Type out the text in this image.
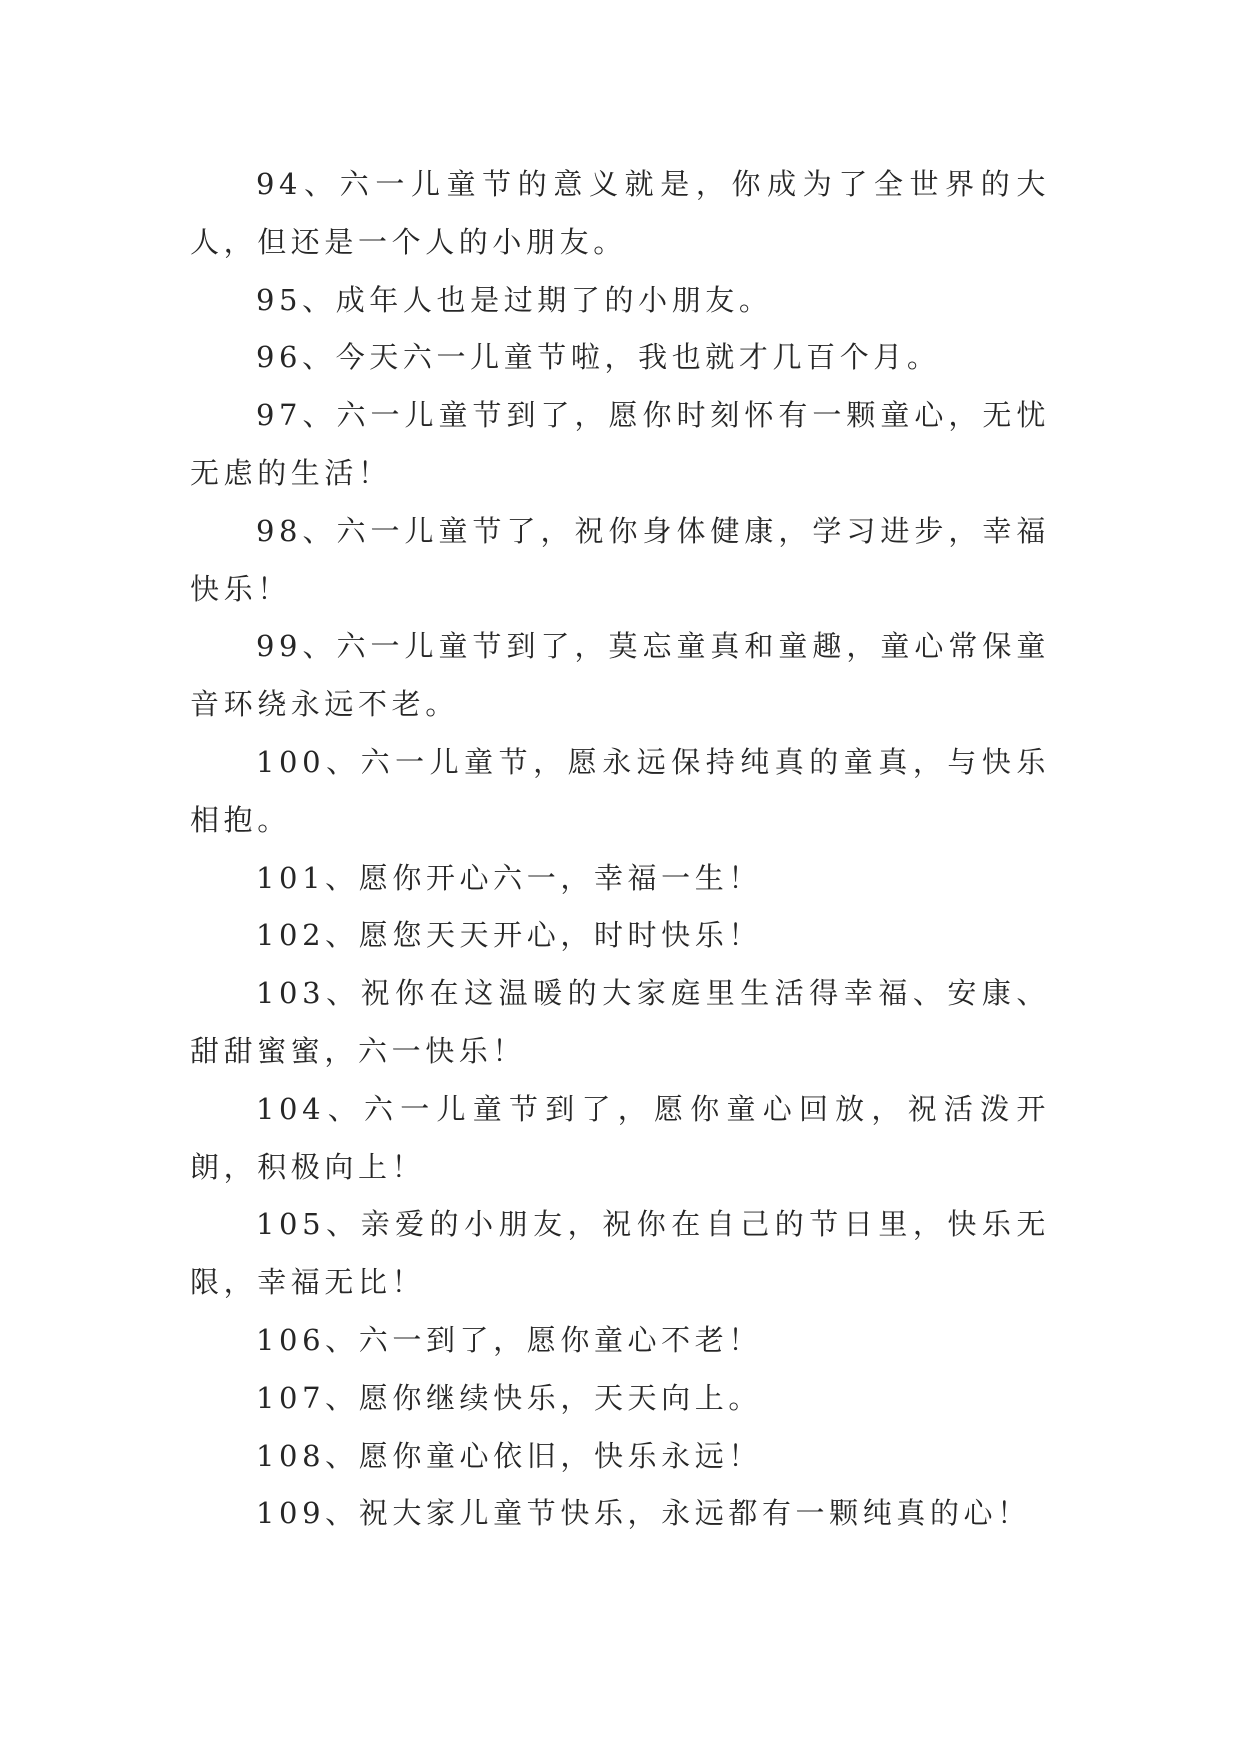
94、六一儿童节的意义就是，你成为了全世界的大人，但还是一个人的小朋友。

95、成年人也是过期了的小朋友。

96、今天六一儿童节啦，我也就才几百个月。

97、六一儿童节到了，愿你时刻怀有一颗童心，无忧无虑的生活！

98、六一儿童节了，祝你身体健康，学习进步，幸福快乐！

99、六一儿童节到了，莫忘童真和童趣，童心常保童音环绕永远不老。

100、六一儿童节，愿永远保持纯真的童真，与快乐相抱。

101、愿你开心六一，幸福一生！

102、愿您天天开心，时时快乐！

103、祝你在这温暖的大家庭里生活得幸福、安康、甜甜蜜蜜，六一快乐！

104、六一儿童节到了，愿你童心回放，祝活泼开朗，积极向上！

105、亲爱的小朋友，祝你在自己的节日里，快乐无限，幸福无比！

106、六一到了，愿你童心不老！

107、愿你继续快乐，天天向上。

108、愿你童心依旧，快乐永远！

109、祝大家儿童节快乐，永远都有一颗纯真的心！
